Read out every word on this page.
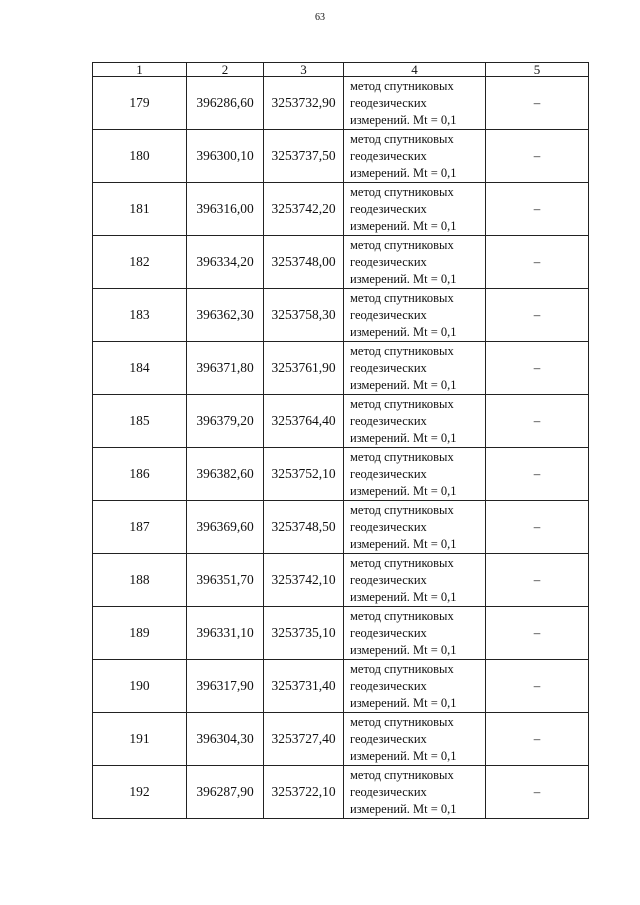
63
1	2	3	4	5
179	396286,60	3253732,90	метод спутниковых
геодезических
измерений. Mt = 0,1	–
180	396300,10	3253737,50	метод спутниковых
геодезических
измерений. Mt = 0,1	–
181	396316,00	3253742,20	метод спутниковых
геодезических
измерений. Mt = 0,1	–
182	396334,20	3253748,00	метод спутниковых
геодезических
измерений. Mt = 0,1	–
183	396362,30	3253758,30	метод спутниковых
геодезических
измерений. Mt = 0,1	–
184	396371,80	3253761,90	метод спутниковых
геодезических
измерений. Mt = 0,1	–
185	396379,20	3253764,40	метод спутниковых
геодезических
измерений. Mt = 0,1	–
186	396382,60	3253752,10	метод спутниковых
геодезических
измерений. Mt = 0,1	–
187	396369,60	3253748,50	метод спутниковых
геодезических
измерений. Mt = 0,1	–
188	396351,70	3253742,10	метод спутниковых
геодезических
измерений. Mt = 0,1	–
189	396331,10	3253735,10	метод спутниковых
геодезических
измерений. Mt = 0,1	–
190	396317,90	3253731,40	метод спутниковых
геодезических
измерений. Mt = 0,1	–
191	396304,30	3253727,40	метод спутниковых
геодезических
измерений. Mt = 0,1	–
192	396287,90	3253722,10	метод спутниковых
геодезических
измерений. Mt = 0,1	–
